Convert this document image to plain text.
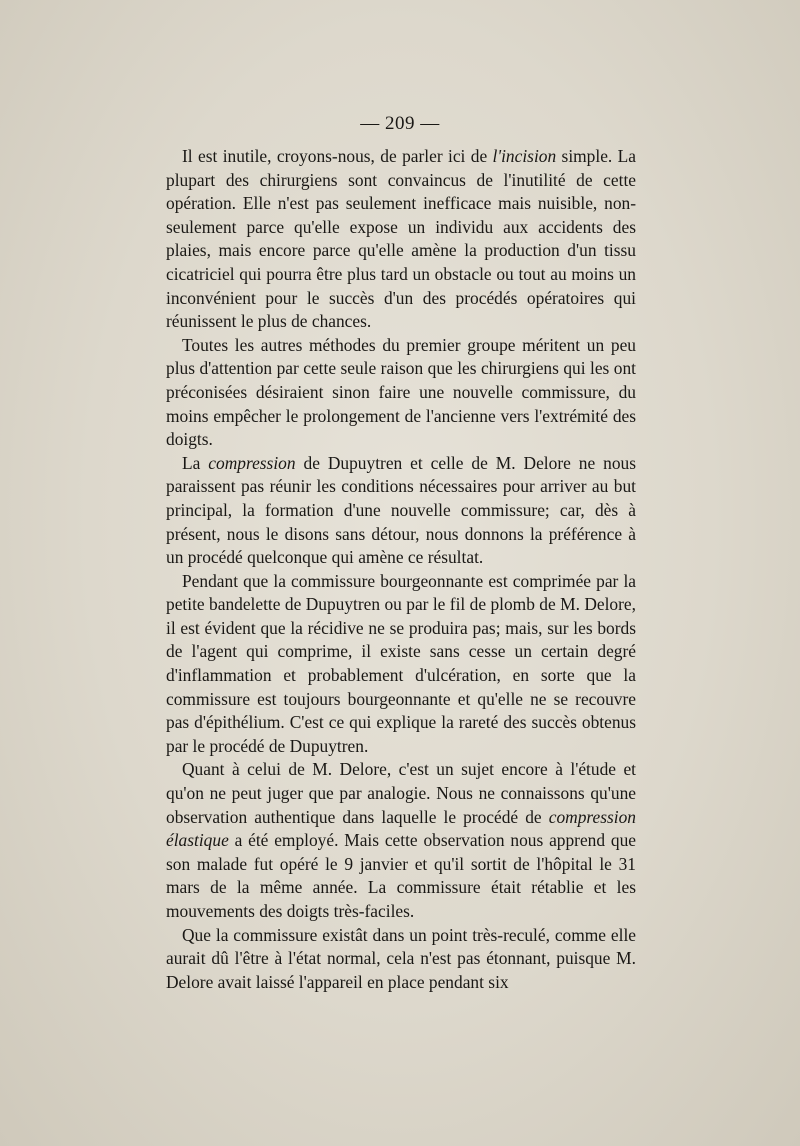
— 209 —

Il est inutile, croyons-nous, de parler ici de l'incision simple. La plupart des chirurgiens sont convaincus de l'inutilité de cette opération. Elle n'est pas seulement inefficace mais nuisible, non-seulement parce qu'elle expose un individu aux accidents des plaies, mais encore parce qu'elle amène la production d'un tissu cicatriciel qui pourra être plus tard un obstacle ou tout au moins un inconvénient pour le succès d'un des procédés opératoires qui réunissent le plus de chances.

Toutes les autres méthodes du premier groupe méritent un peu plus d'attention par cette seule raison que les chirurgiens qui les ont préconisées désiraient sinon faire une nouvelle commissure, du moins empêcher le prolongement de l'ancienne vers l'extrémité des doigts.

La compression de Dupuytren et celle de M. Delore ne nous paraissent pas réunir les conditions nécessaires pour arriver au but principal, la formation d'une nouvelle commissure; car, dès à présent, nous le disons sans détour, nous donnons la préférence à un procédé quelconque qui amène ce résultat.

Pendant que la commissure bourgeonnante est comprimée par la petite bandelette de Dupuytren ou par le fil de plomb de M. Delore, il est évident que la récidive ne se produira pas; mais, sur les bords de l'agent qui comprime, il existe sans cesse un certain degré d'inflammation et probablement d'ulcération, en sorte que la commissure est toujours bourgeonnante et qu'elle ne se recouvre pas d'épithélium. C'est ce qui explique la rareté des succès obtenus par le procédé de Dupuytren.

Quant à celui de M. Delore, c'est un sujet encore à l'étude et qu'on ne peut juger que par analogie. Nous ne connaissons qu'une observation authentique dans laquelle le procédé de compression élastique a été employé. Mais cette observation nous apprend que son malade fut opéré le 9 janvier et qu'il sortit de l'hôpital le 31 mars de la même année. La commissure était rétablie et les mouvements des doigts très-faciles.

Que la commissure existât dans un point très-reculé, comme elle aurait dû l'être à l'état normal, cela n'est pas étonnant, puisque M. Delore avait laissé l'appareil en place pendant six
